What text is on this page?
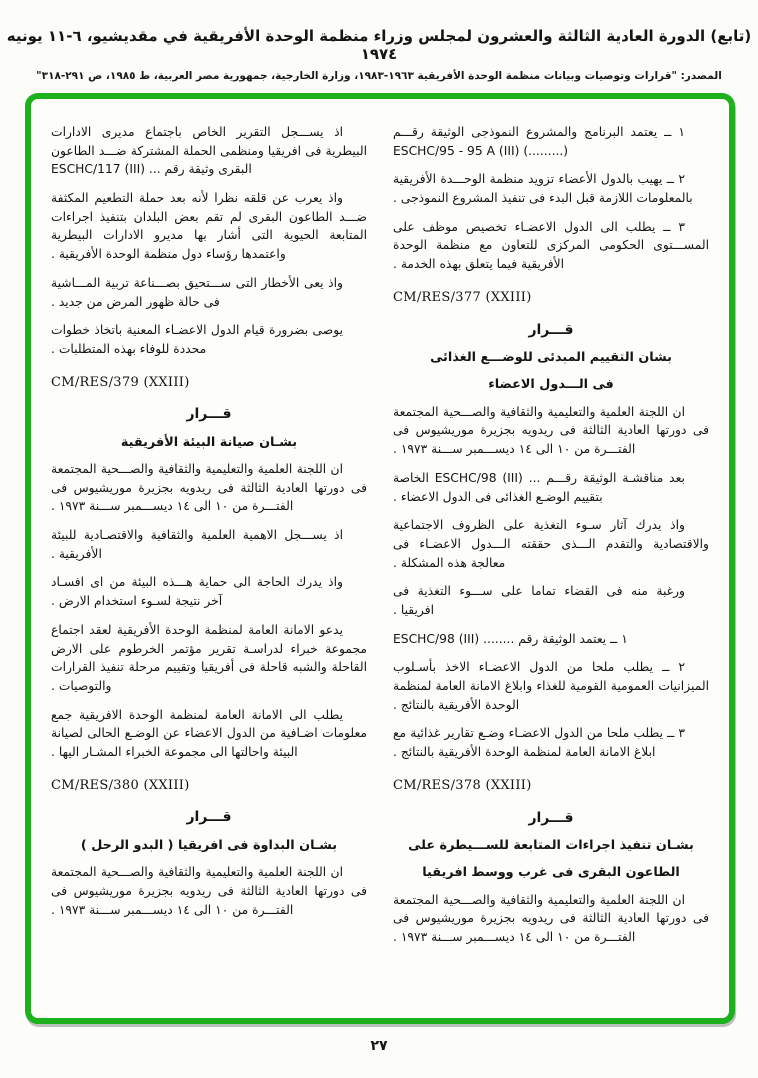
(تابع) الدورة العادية الثالثة والعشرون لمجلس وزراء منظمة الوحدة الأفريقية في مقديشيو، ٦-١١ يونيه ١٩٧٤
المصدر: "قرارات وتوصيات وبيانات منظمة الوحدة الأفريقية ١٩٦٣-١٩٨٣، وزارة الخارجية، جمهورية مصر العربية، ط ١٩٨٥، ص ٢٩١-٣١٨"

١ ــ يعتمد البرنامج والمشروع النموذجى الوثيقة رقـــم (.........) ESCHC/95 - 95 A (III)

٢ ــ يهيب بالدول الأعضاء تزويد منظمة الوحـــدة الأفريقية بالمعلومات اللازمة قبل البدء فى تنفيذ المشروع النموذجى .

٣ ــ يطلب الى الدول الاعضـاء تخصيص موظف على المســـتوى الحكومى المركزى للتعاون مع منظمة الوحدة الأفريقية فيما يتعلق بهذه الخدمة .

CM/RES/377 (XXIII)
قـــرار
بشان التقييم المبدئى للوضـــع الغذائى
فى الـــدول الاعضاء

ان اللجنة العلمية والتعليمية والثقافية والصـــحية المجتمعة فى دورتها العادية الثالثة فى ريدويه بجزيرة موريشيوس فى الفتـــرة من ١٠ الى ١٤ ديســـمبر ســـنة ١٩٧٣ .

بعد مناقشـة الوثيقة رقـــم ... ESCHC/98 (III) الخاصة بتقييم الوضـع الغذائى فى الدول الاعضاء .

واذ يدرك آثار سـوء التغذية على الظروف الاجتماعية والاقتصادية والتقدم الـــذى حققته الـــدول الاعضـاء فى معالجة هذه المشكلة .

ورغبة منه فى القضاء تماما على ســـوء التغذية فى افريقيا .

١ ــ يعتمد الوثيقة رقم ........ ESCHC/98 (III)

٢ ــ يطلب ملحا من الدول الاعضـاء الاخذ بأسـلوب الميزانيات العمومية القومية للغذاء وابلاغ الامانة العامة لمنظمة الوحدة الأفريقية بالنتائج .

٣ ــ يطلب ملحا من الدول الاعضـاء وضـع تقارير غذائية مع ابلاغ الامانة العامة لمنظمة الوحدة الأفريقية بالنتائج .

CM/RES/378 (XXIII)
قـــرار
بشـان تنفيذ اجراءات المتابعة للســـيطرة على
الطاعون البقرى فى غرب ووسط افريقيا

ان اللجنة العلمية والتعليمية والثقافية والصـــحية المجتمعة فى دورتها العادية الثالثة فى ريدويه بجزيرة موريشيوس فى الفتـــرة من ١٠ الى ١٤ ديســـمبر ســـنة ١٩٧٣ .

اذ يســـجل التقرير الخاص باجتماع مديرى الادارات البيطرية فى افريقيا ومنظمى الحملة المشتركة ضـــد الطاعون البقرى وثيقة رقم ... ESCHC/117 (III)

واذ يعرب عن قلقه نظرا لأنه بعد حملة التطعيم المكثفة ضـــد الطاعون البقرى لم تقم بعض البلدان بتنفيذ اجراءات المتابعة الحيوية التى أشار بها مديرو الادارات البيطرية واعتمدها رؤساء دول منظمة الوحدة الأفريقية .

واذ يعى الأخطار التى ســـتحيق بصـــناعة تربية المـــاشية فى حالة ظهور المرض من جديد .

يوصى بضرورة قيام الدول الاعضـاء المعنية باتخاذ خطوات محددة للوفاء بهذه المتطلبات .

CM/RES/379 (XXIII)
قـــرار
بشـان صيانة البيئة الأفريقية

ان اللجنة العلمية والتعليمية والثقافية والصـــحية المجتمعة فى دورتها العادية الثالثة فى ريدويه بجزيرة موريشيوس فى الفتـــرة من ١٠ الى ١٤ ديســـمبر ســـنة ١٩٧٣ .

اذ يســـجل الاهمية العلمية والثقافية والاقتصـادية للبيئة الأفريقية .

واذ يدرك الحاجة الى حماية هـــذه البيئة من اى افسـاد آخر نتيجة لسـوء استخدام الارض .

يدعو الامانة العامة لمنظمة الوحدة الأفريقية لعقد اجتماع مجموعة خبراء لدراسـة تقرير مؤتمر الخرطوم على الارض القاحلة والشبه قاحلة فى أفريقيا وتقييم مرحلة تنفيذ القرارات والتوصيات .

يطلب الى الامانة العامة لمنظمة الوحدة الافريقية جمع معلومات اضـافية من الدول الاعضاء عن الوضـع الحالى لصيانة البيئة واحالتها الى مجموعة الخبراء المشـار اليها .

CM/RES/380 (XXIII)
قـــرار
بشـان البداوة فى افريقيا ( البدو الرحل )

ان اللجنة العلمية والتعليمية والثقافية والصـــحية المجتمعة فى دورتها العادية الثالثة فى ريدويه بجزيرة موريشيوس فى الفتـــرة من ١٠ الى ١٤ ديســـمبر ســـنة ١٩٧٣ .

٢٧
